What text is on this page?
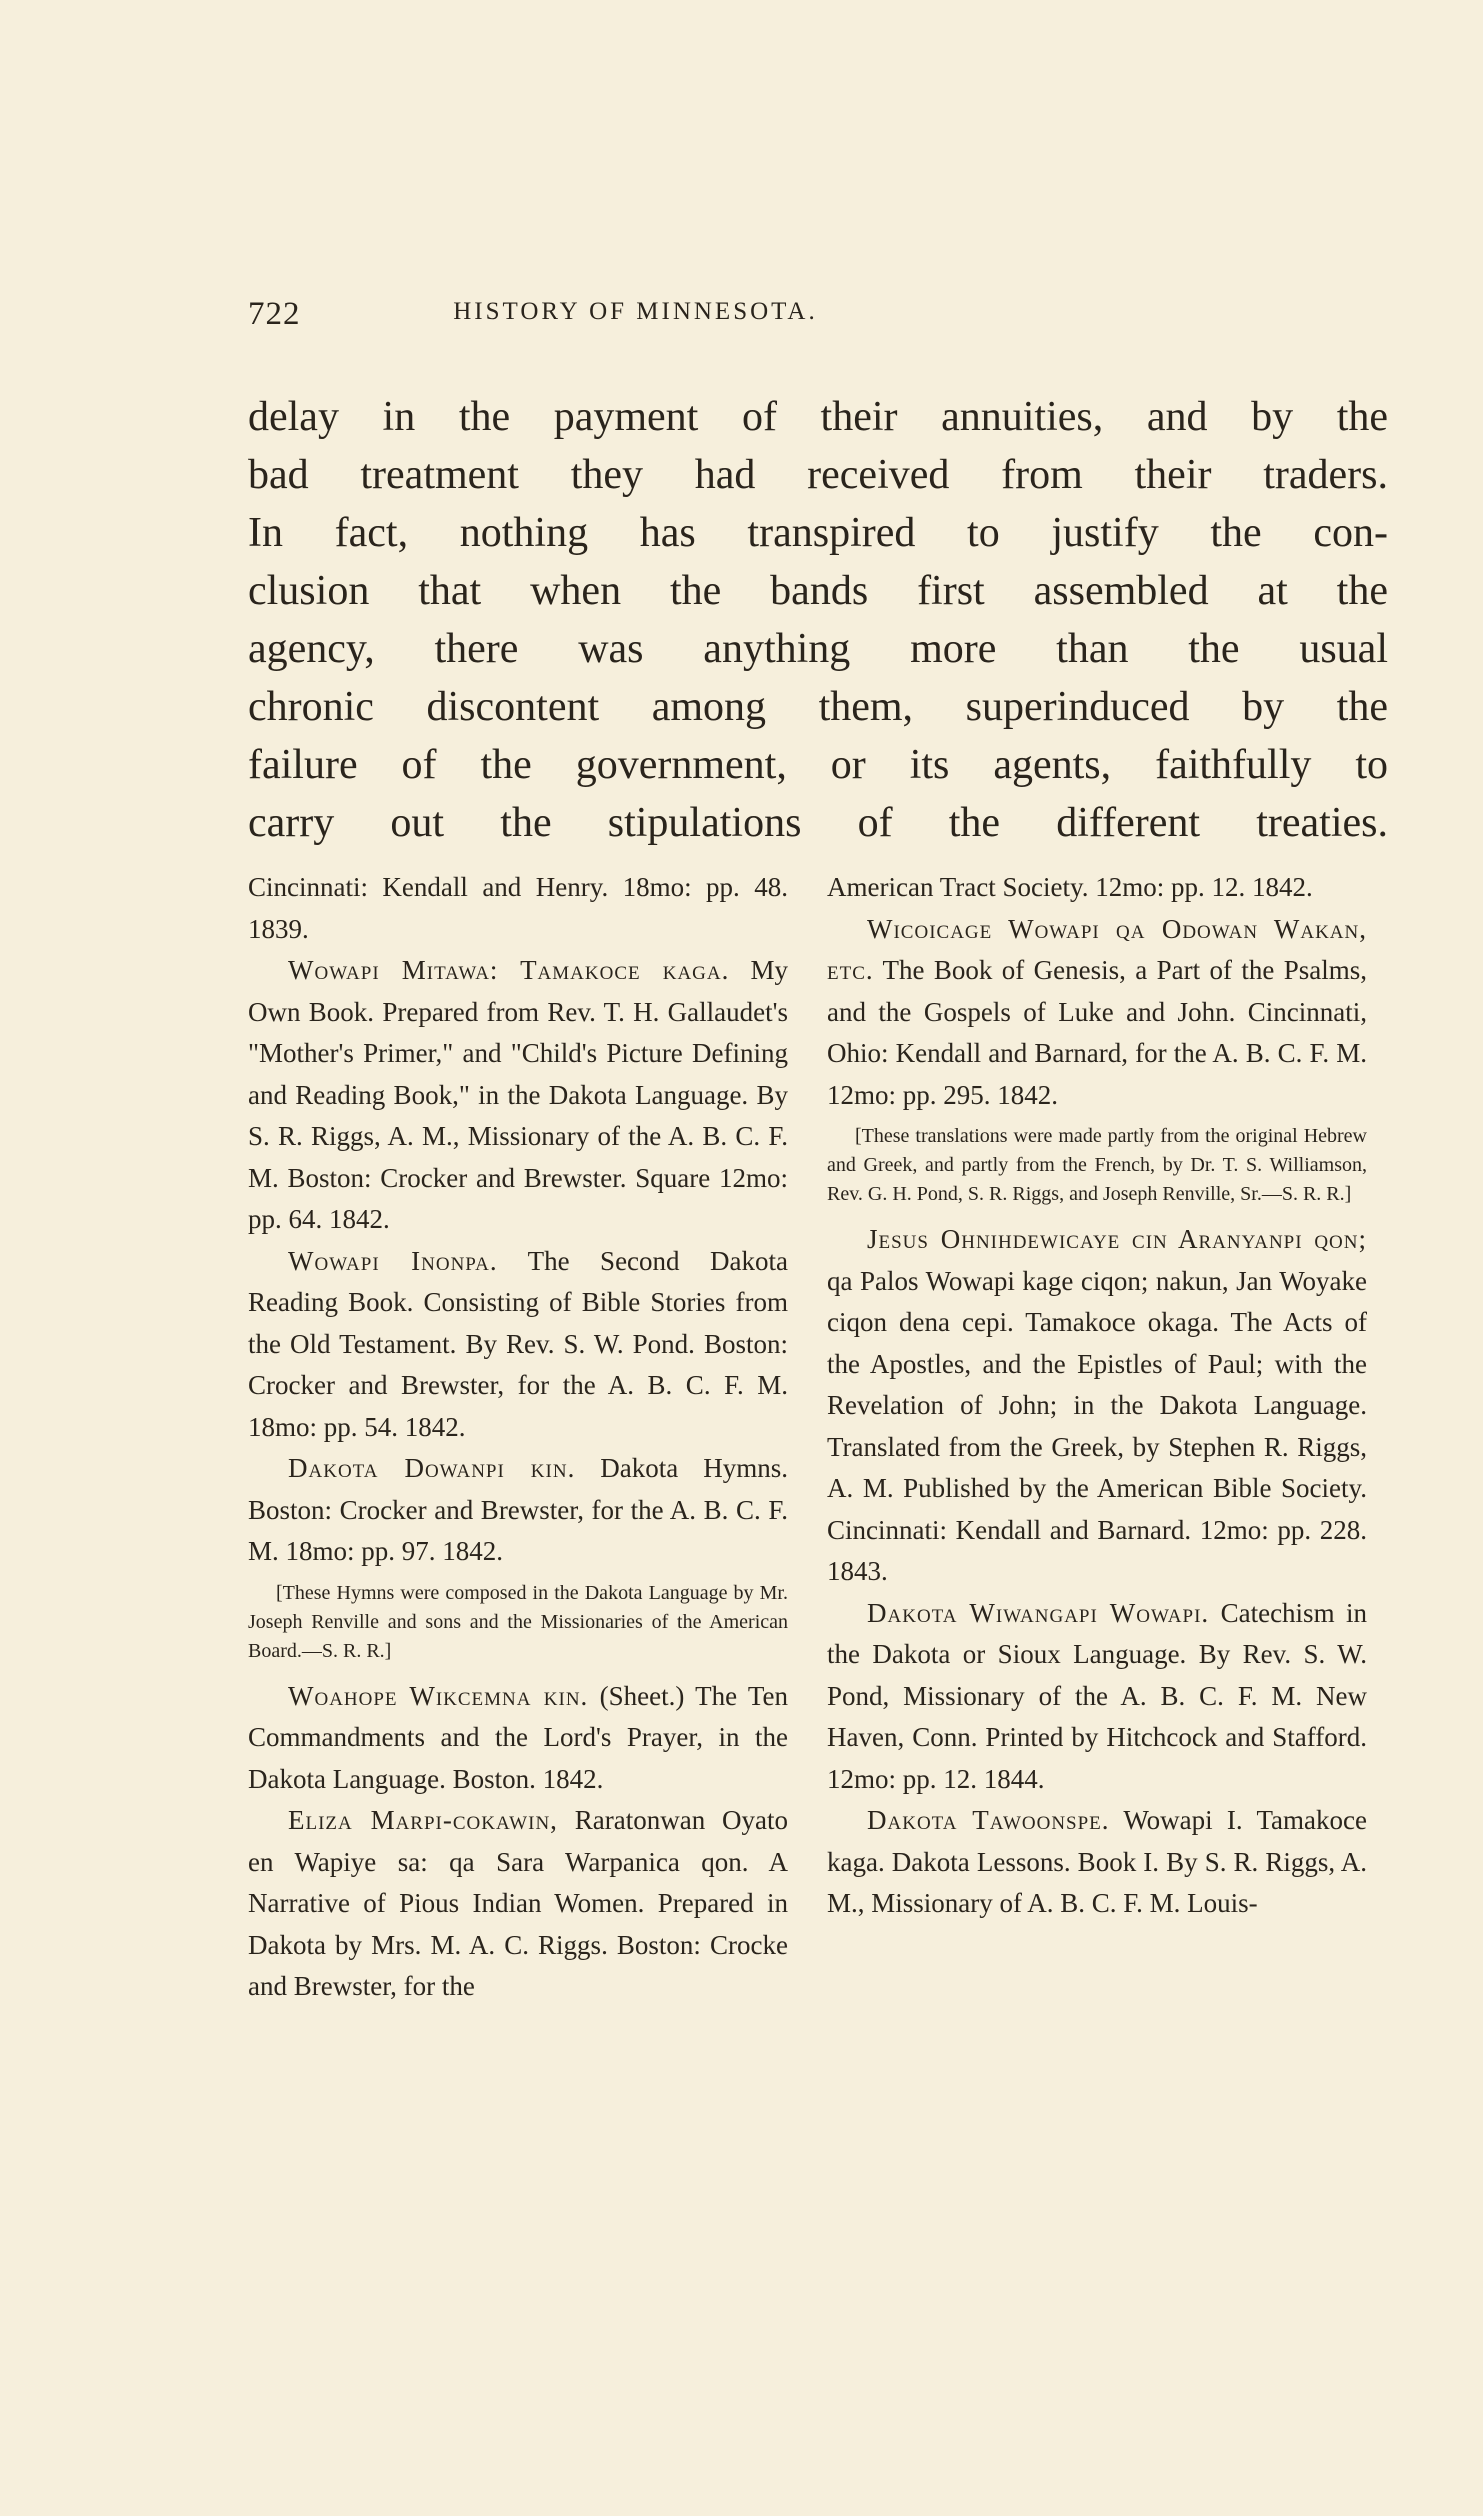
722	HISTORY OF MINNESOTA.
delay in the payment of their annuities, and by the
bad treatment they had received from their traders.
In fact, nothing has transpired to justify the con-
clusion that when the bands first assembled at the
agency, there was anything more than the usual
chronic discontent among them, superinduced by the
failure of the government, or its agents, faithfully to
carry out the stipulations of the different treaties.
Cincinnati: Kendall and Henry. 18mo: pp. 48. 1839.
Wowapi Mitawa: Tamakoce kaga. My Own Book. Prepared from Rev. T. H. Gallaudet's "Mother's Primer," and "Child's Picture Defining and Reading Book," in the Dakota Language. By S. R. Riggs, A. M., Missionary of the A. B. C. F. M. Boston: Crocker and Brewster. Square 12mo: pp. 64. 1842.
Wowapi Inonpa. The Second Dakota Reading Book. Consisting of Bible Stories from the Old Testament. By Rev. S. W. Pond. Boston: Crocker and Brewster, for the A. B. C. F. M. 18mo: pp. 54. 1842.
Dakota Dowanpi kin. Dakota Hymns. Boston: Crocker and Brewster, for the A. B. C. F. M. 18mo: pp. 97. 1842.
[These Hymns were composed in the Dakota Language by Mr. Joseph Renville and sons and the Missionaries of the American Board.—S. R. R.]
Woahope Wikcemna kin. (Sheet.) The Ten Commandments and the Lord's Prayer, in the Dakota Language. Boston. 1842.
Eliza Marpi-cokawin, Raratonwan Oyato en Wapiye sa: qa Sara Warpanica qon. A Narrative of Pious Indian Women. Prepared in Dakota by Mrs. M. A. C. Riggs. Boston: Crocke and Brewster, for the
American Tract Society. 12mo: pp. 12. 1842.
Wicoicage Wowapi qa Odowan Wakan, etc. The Book of Genesis, a Part of the Psalms, and the Gospels of Luke and John. Cincinnati, Ohio: Kendall and Barnard, for the A. B. C. F. M. 12mo: pp. 295. 1842.
[These translations were made partly from the original Hebrew and Greek, and partly from the French, by Dr. T. S. Williamson, Rev. G. H. Pond, S. R. Riggs, and Joseph Renville, Sr.—S. R. R.]
Jesus Ohnihdewicaye cin Aranyanpi qon; qa Palos Wowapi kage ciqon; nakun, Jan Woyake ciqon dena cepi. Tamakoce okaga. The Acts of the Apostles, and the Epistles of Paul; with the Revelation of John; in the Dakota Language. Translated from the Greek, by Stephen R. Riggs, A. M. Published by the American Bible Society. Cincinnati: Kendall and Barnard. 12mo: pp. 228. 1843.
Dakota Wiwangapi Wowapi. Catechism in the Dakota or Sioux Language. By Rev. S. W. Pond, Missionary of the A. B. C. F. M. New Haven, Conn. Printed by Hitchcock and Stafford. 12mo: pp. 12. 1844.
Dakota Tawoonspe. Wowapi I. Tamakoce kaga. Dakota Lessons. Book I. By S. R. Riggs, A. M., Missionary of A. B. C. F. M. Louis-
